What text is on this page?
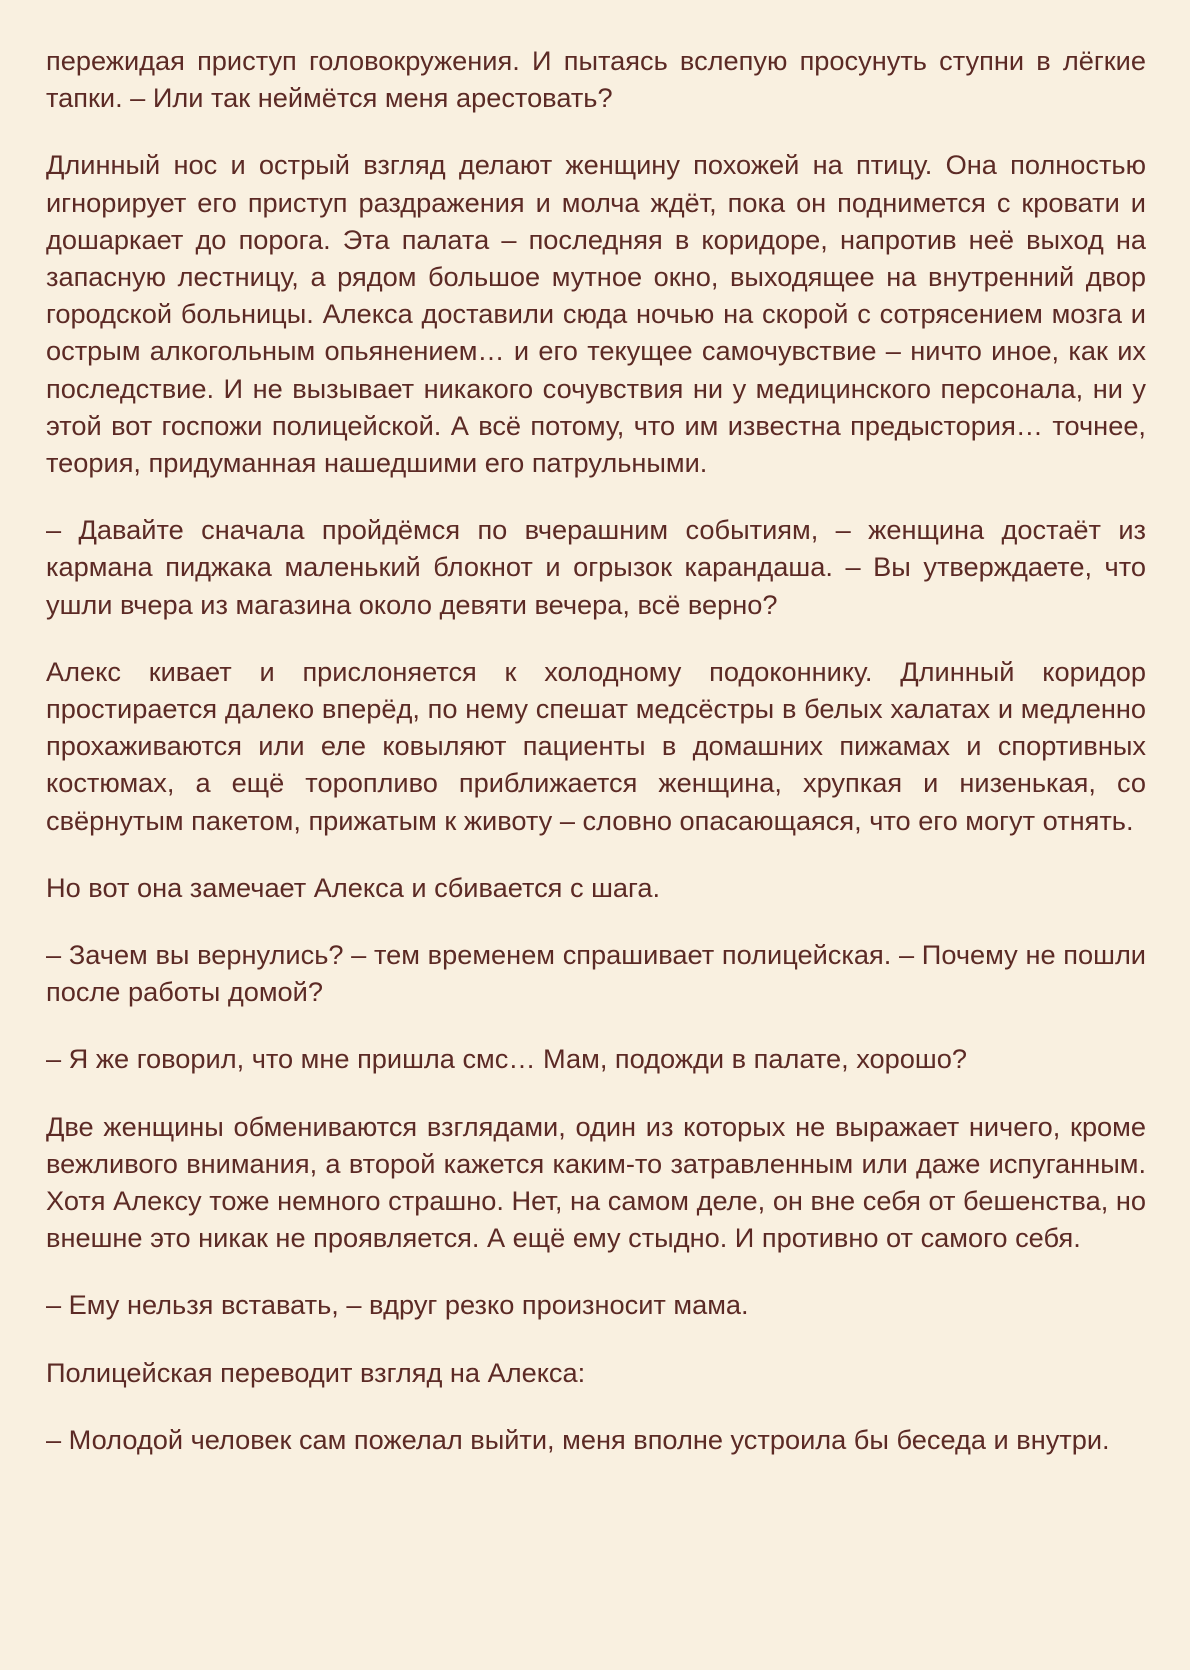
пережидая приступ головокружения. И пытаясь вслепую просунуть ступни в лёгкие тапки. – Или так неймётся меня арестовать?

Длинный нос и острый взгляд делают женщину похожей на птицу. Она полностью игнорирует его приступ раздражения и молча ждёт, пока он поднимется с кровати и дошаркает до порога. Эта палата – последняя в коридоре, напротив неё выход на запасную лестницу, а рядом большое мутное окно, выходящее на внутренний двор городской больницы. Алекса доставили сюда ночью на скорой с сотрясением мозга и острым алкогольным опьянением… и его текущее самочувствие – ничто иное, как их последствие. И не вызывает никакого сочувствия ни у медицинского персонала, ни у этой вот госпожи полицейской. А всё потому, что им известна предыстория… точнее, теория, придуманная нашедшими его патрульными.

– Давайте сначала пройдёмся по вчерашним событиям, – женщина достаёт из кармана пиджака маленький блокнот и огрызок карандаша. – Вы утверждаете, что ушли вчера из магазина около девяти вечера, всё верно?

Алекс кивает и прислоняется к холодному подоконнику. Длинный коридор простирается далеко вперёд, по нему спешат медсёстры в белых халатах и медленно прохаживаются или еле ковыляют пациенты в домашних пижамах и спортивных костюмах, а ещё торопливо приближается женщина, хрупкая и низенькая, со свёрнутым пакетом, прижатым к животу – словно опасающаяся, что его могут отнять.

Но вот она замечает Алекса и сбивается с шага.

– Зачем вы вернулись? – тем временем спрашивает полицейская. – Почему не пошли после работы домой?

– Я же говорил, что мне пришла смс… Мам, подожди в палате, хорошо?

Две женщины обмениваются взглядами, один из которых не выражает ничего, кроме вежливого внимания, а второй кажется каким-то затравленным или даже испуганным. Хотя Алексу тоже немного страшно. Нет, на самом деле, он вне себя от бешенства, но внешне это никак не проявляется. А ещё ему стыдно. И противно от самого себя.

– Ему нельзя вставать, – вдруг резко произносит мама.

Полицейская переводит взгляд на Алекса:

– Молодой человек сам пожелал выйти, меня вполне устроила бы беседа и внутри.
